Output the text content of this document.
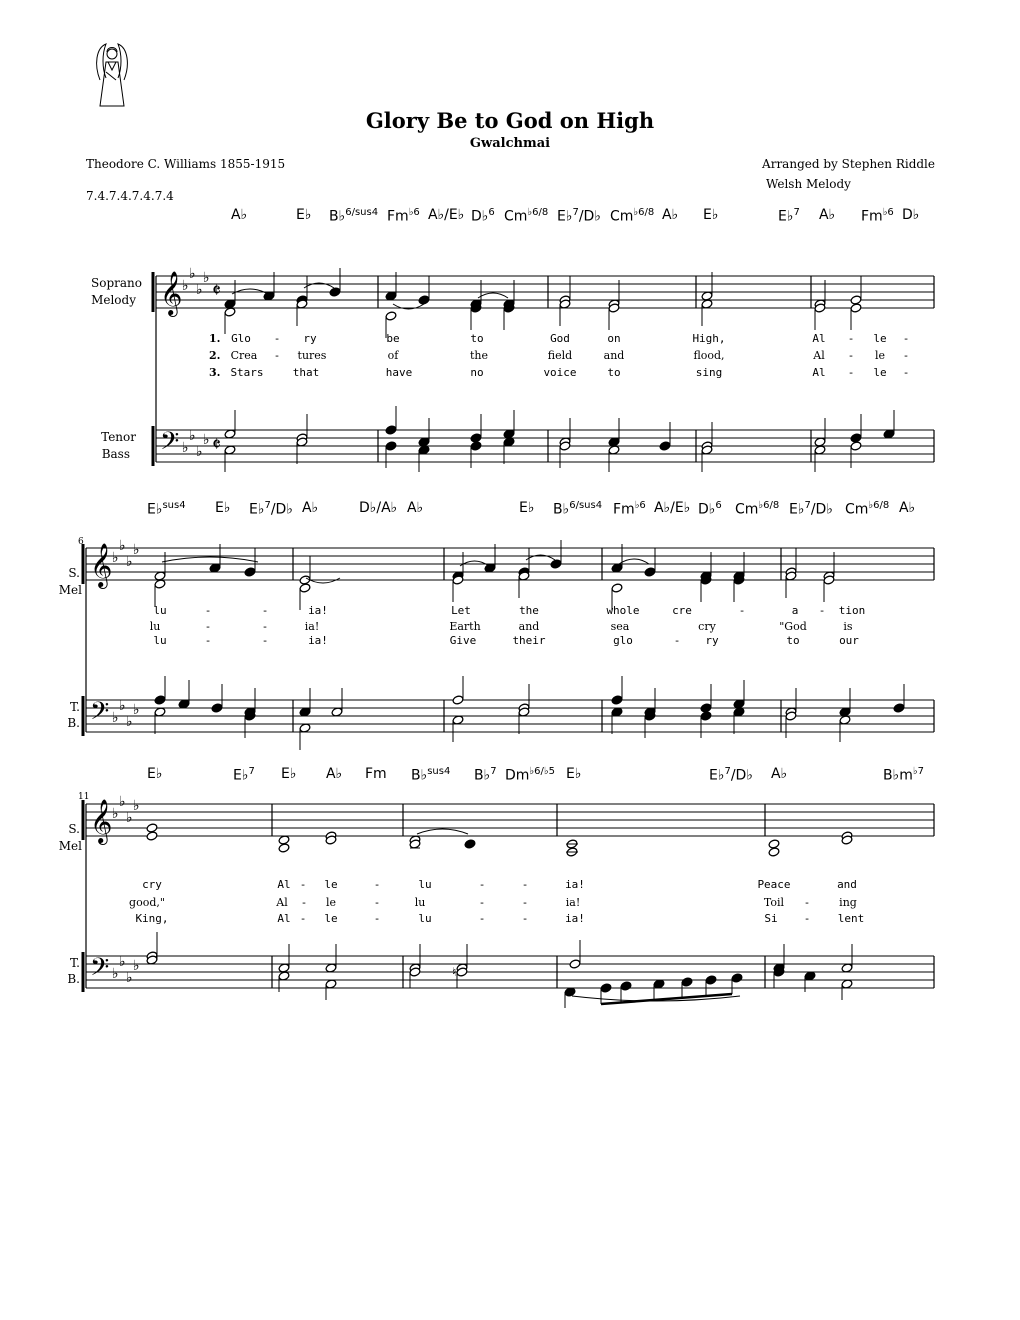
Glory Be to God on High
Gwalchmai
Theodore C. Williams 1855-1915
7.4.7.4.7.4.7.4
Arranged by Stephen Riddle
Welsh Melody
Soprano
Melody
Tenor
Bass
S.
Mel
T.
B.
S.
Mel
T.
B.
6
11
1.
2.
3.
𝄞
𝄢
♭
♭
♭
♭
♭
♭
♭
♭
𝄵
𝄵
𝄞
𝄢
♭
♭
♭
♭
♭
♭
♭
♭
𝄞
𝄢
♭
♭
♭
♭
♭
♭
♭
♭	♮
A♭	E♭ B♭$^{6/sus4}$ $Fm^{♭6}$ A♭/E♭ D♭$^6$ $Cm^{♭6/8}$ E♭$^7$/D♭ $Cm^{♭6/8}$ A♭ E♭	E♭$^7$ A♭ $Fm^{♭6}$ D♭
E♭$^{sus4}$ E♭ E♭$^7$/D♭ A♭	D♭/A♭ A♭	E♭ B♭$^{6/sus4}$ $Fm^{♭6}$ A♭/E♭ D♭$^6$ $Cm^{♭6/8}$ E♭$^7$/D♭ $Cm^{♭6/8}$ A♭
E♭	E♭$^7$ E♭ A♭ Fm B♭$^{sus4}$ B♭$^7$ $Dm^{♭6/♭5}$ E♭	E♭$^7$/D♭ A♭	$B♭m^{♭7}$
Glo - ry	be	to	God	on	High,	Al - le -
Crea - tures	of	the	field	and	flood,	Al - le -
Stars	that	have	no	voice	to	sing	Al - le -
lu	-	-	ia!	Let	the	whole	cre	-	a - tion
lu	-	-	ia!	Earth	and	sea	cry	"God	is
lu	-	-	ia!	Give	their	glo	- ry	to	our
cry	Al - le	-	lu	-	-	ia!	Peace	and
good,"	Al - le	-	lu	-	-	ia!	Toil -	ing
King,	Al - le	-	lu	-	-	ia!	Si - lent
